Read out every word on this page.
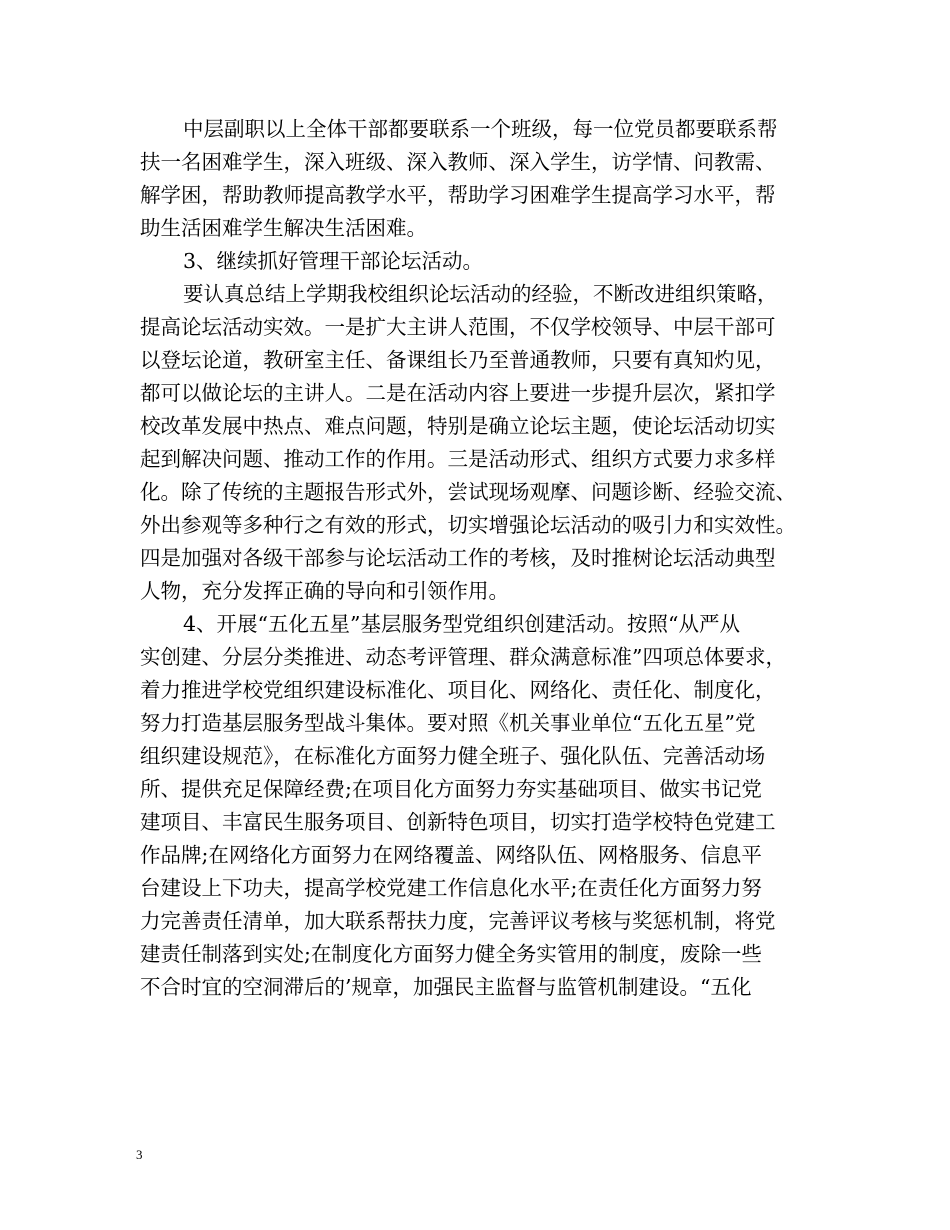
中层副职以上全体干部都要联系一个班级，每一位党员都要联系帮
扶一名困难学生，深入班级、深入教师、深入学生，访学情、问教需、
解学困，帮助教师提高教学水平，帮助学习困难学生提高学习水平，帮
助生活困难学生解决生活困难。
3、继续抓好管理干部论坛活动。
要认真总结上学期我校组织论坛活动的经验，不断改进组织策略，
提高论坛活动实效。一是扩大主讲人范围，不仅学校领导、中层干部可
以登坛论道，教研室主任、备课组长乃至普通教师，只要有真知灼见，
都可以做论坛的主讲人。二是在活动内容上要进一步提升层次，紧扣学
校改革发展中热点、难点问题，特别是确立论坛主题，使论坛活动切实
起到解决问题、推动工作的作用。三是活动形式、组织方式要力求多样
化。除了传统的主题报告形式外，尝试现场观摩、问题诊断、经验交流、
外出参观等多种行之有效的形式，切实增强论坛活动的吸引力和实效性。
四是加强对各级干部参与论坛活动工作的考核，及时推树论坛活动典型
人物，充分发挥正确的导向和引领作用。
4、开展“五化五星”基层服务型党组织创建活动。按照“从严从
实创建、分层分类推进、动态考评管理、群众满意标准”四项总体要求，
着力推进学校党组织建设标准化、项目化、网络化、责任化、制度化，
努力打造基层服务型战斗集体。要对照《机关事业单位“五化五星”党
组织建设规范》，在标准化方面努力健全班子、强化队伍、完善活动场
所、提供充足保障经费;在项目化方面努力夯实基础项目、做实书记党
建项目、丰富民生服务项目、创新特色项目，切实打造学校特色党建工
作品牌;在网络化方面努力在网络覆盖、网络队伍、网格服务、信息平
台建设上下功夫，提高学校党建工作信息化水平;在责任化方面努力努
力完善责任清单，加大联系帮扶力度，完善评议考核与奖惩机制，将党
建责任制落到实处;在制度化方面努力健全务实管用的制度，废除一些
不合时宜的空洞滞后的’规章，加强民主监督与监管机制建设。“五化
3
